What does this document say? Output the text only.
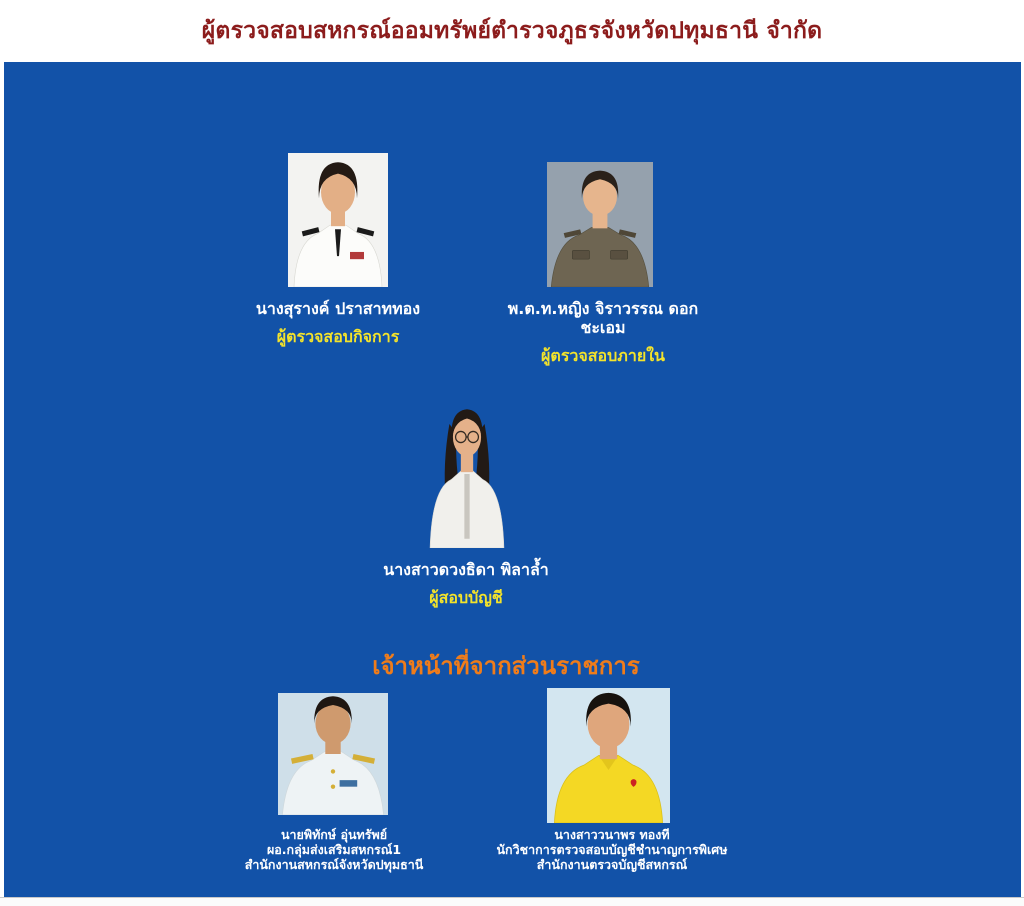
ผู้ตรวจสอบสหกรณ์ออมทรัพย์ตำรวจภูธรจังหวัดปทุมธานี จำกัด
นางสุรางค์ ปราสาททอง
ผู้ตรวจสอบกิจการ
พ.ต.ท.หญิง จิราวรรณ ดอกชะเอม
ผู้ตรวจสอบภายใน
นางสาวดวงธิดา พิลาล้ำ
ผู้สอบบัญชี
เจ้าหน้าที่จากส่วนราชการ
นายพิทักษ์ อุ่นทรัพย์
ผอ.กลุ่มส่งเสริมสหกรณ์1
สำนักงานสหกรณ์จังหวัดปทุมธานี
นางสาววนาพร ทองที
นักวิชาการตรวจสอบบัญชีชำนาญการพิเศษ
สำนักงานตรวจบัญชีสหกรณ์
